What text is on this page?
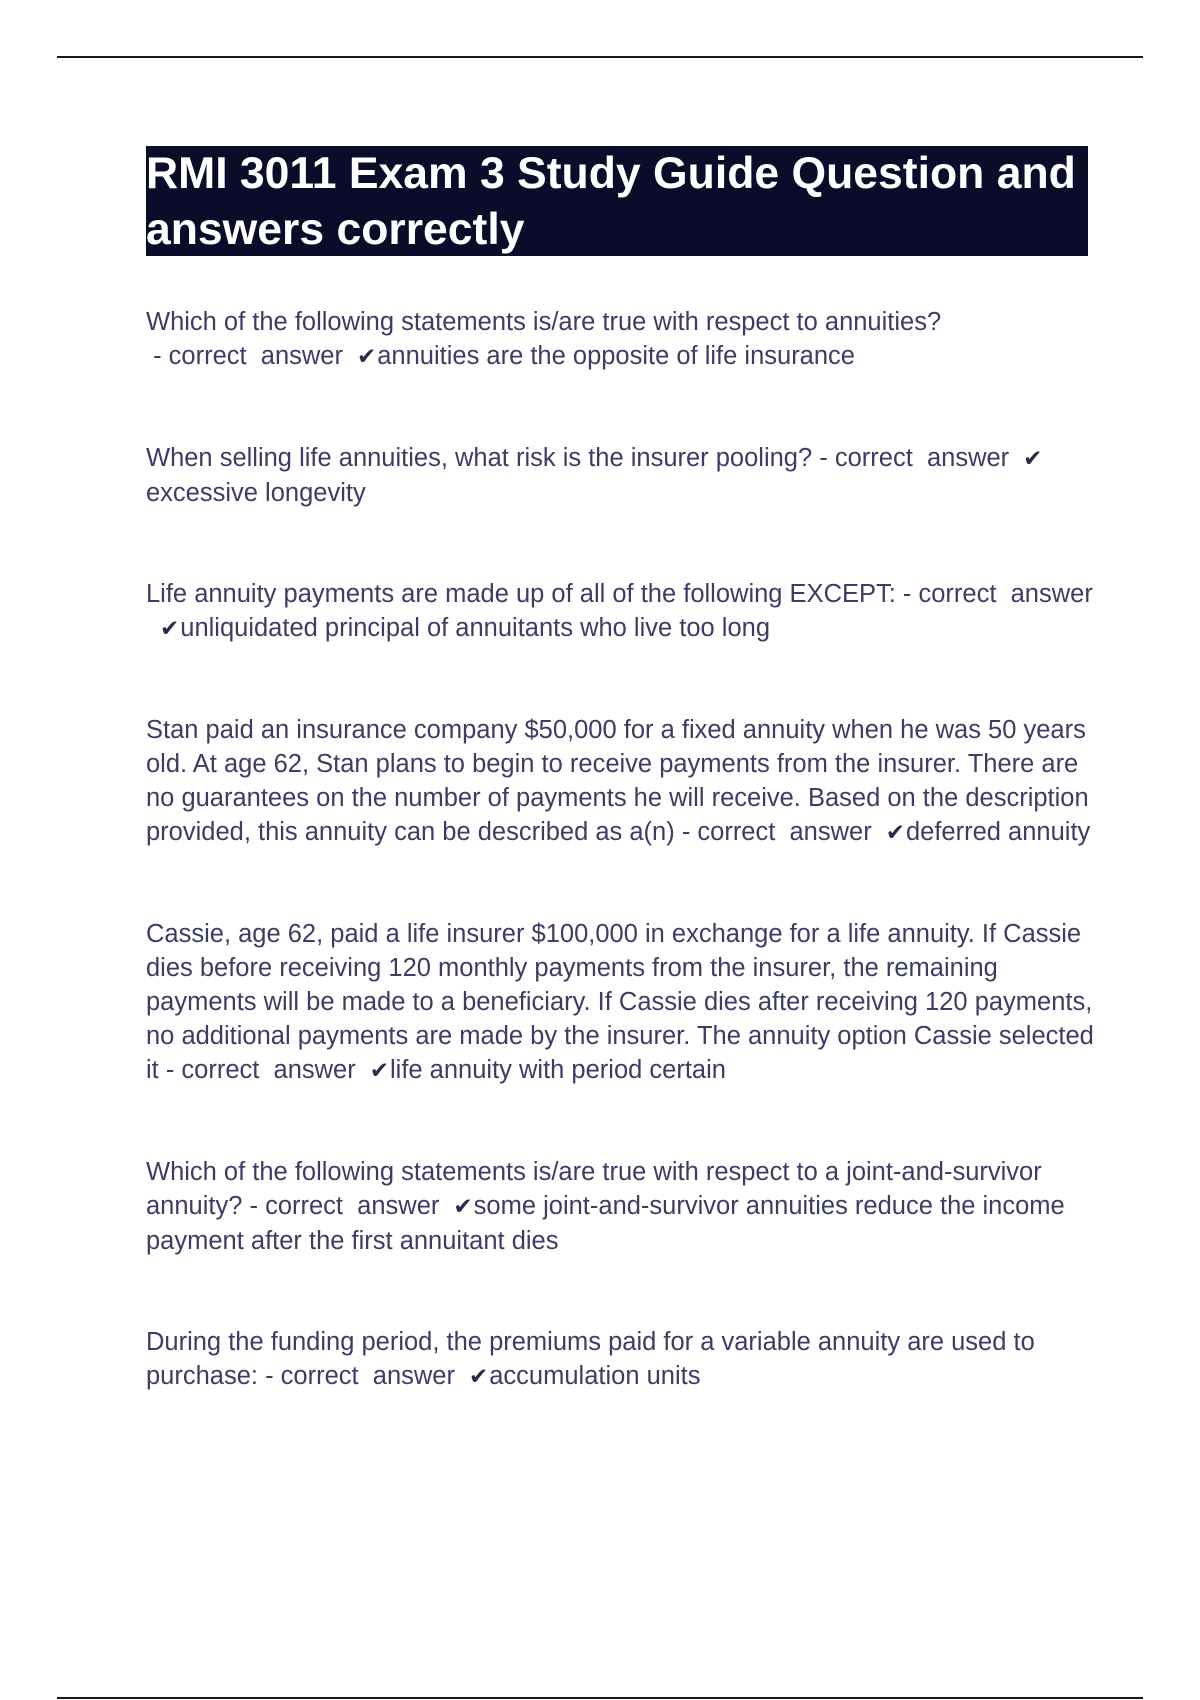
RMI 3011 Exam 3 Study Guide Question and answers correctly
Which of the following statements is/are true with respect to annuities? - correct  answer ✔annuities are the opposite of life insurance
When selling life annuities, what risk is the insurer pooling? - correct  answer ✔excessive longevity
Life annuity payments are made up of all of the following EXCEPT: - correct  answer✔unliquidated principal of annuitants who live too long
Stan paid an insurance company $50,000 for a fixed annuity when he was 50 years old. At age 62, Stan plans to begin to receive payments from the insurer. There are no guarantees on the number of payments he will receive. Based on the description provided, this annuity can be described as a(n) - correct  answer ✔deferred annuity
Cassie, age 62, paid a life insurer $100,000 in exchange for a life annuity. If Cassie dies before receiving 120 monthly payments from the insurer, the remaining payments will be made to a beneficiary. If Cassie dies after receiving 120 payments, no additional payments are made by the insurer. The annuity option Cassie selected it - correct  answer ✔life annuity with period certain
Which of the following statements is/are true with respect to a joint-and-survivor annuity? - correct  answer ✔some joint-and-survivor annuities reduce the income payment after the first annuitant dies
During the funding period, the premiums paid for a variable annuity are used to purchase: - correct  answer ✔accumulation units
